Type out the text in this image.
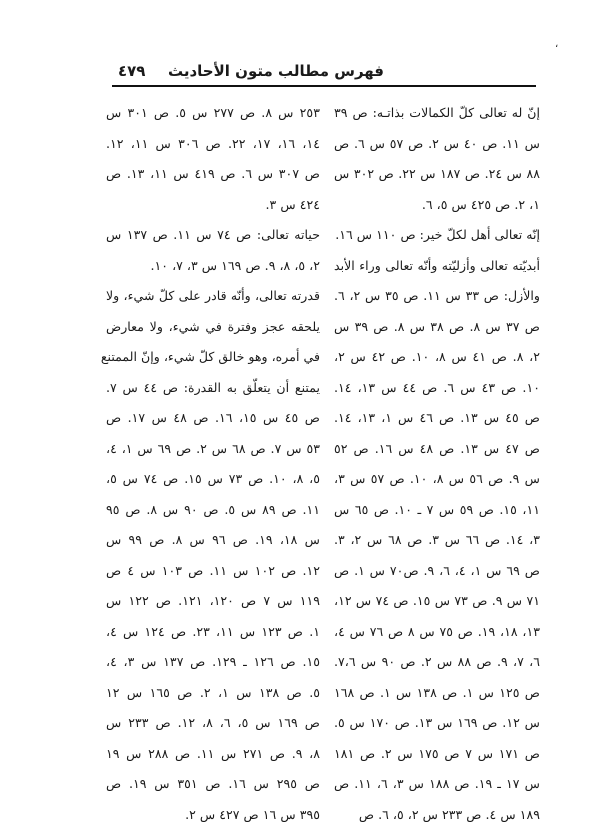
،
فهرس مطالب متون الأحاديث
٤٧٩
إنّ له تعالى كلّ الكمالات بذاتـه: ص ٣٩
س ١١. ص ٤٠ س ٢. ص ٥٧ س ٦. ص
٨٨ س ٢٤. ص ١٨٧ س ٢٢. ص ٣٠٢ س
١، ٢. ص ٤٢٥ س ٥، ٦.
إنّه تعالى أهل لكلّ خير: ص ١١٠ س ١٦.
أبديّته تعالى وأزليّته وأنّه تعالى وراء الأبد
والأزل: ص ٣٣ س ١١. ص ٣٥ س ٢، ٦.
ص ٣٧ س ٨. ص ٣٨ س ٨. ص ٣٩ س
٢، ٨. ص ٤١ س ٨، ١٠. ص ٤٢ س ٢،
١٠. ص ٤٣ س ٦. ص ٤٤ س ١٣، ١٤.
ص ٤٥ س ١٣. ص ٤٦ س ١، ١٣، ١٤.
ص ٤٧ س ١٣. ص ٤٨ س ١٦. ص ٥٢
س ٩. ص ٥٦ س ٨، ١٠. ص ٥٧ س ٣،
١١، ١٥. ص ٥٩ س ٧ ـ ١٠. ص ٦٥ س
٣، ١٤. ص ٦٦ س ٣. ص ٦٨ س ٢، ٣.
ص ٦٩ س ١، ٤، ٦، ٩. ص٧٠ س ١. ص
٧١ س ٩. ص ٧٣ س ١٥. ص ٧٤ س ١٢،
١٣، ١٨، ١٩. ص ٧٥ س ٨ ص ٧٦ س ٤،
٦، ٧، ٩. ص ٨٨ س ٢. ص ٩٠ س ٧،٦.
ص ١٢٥ س ١. ص ١٣٨ س ١. ص ١٦٨
س ١٢. ص ١٦٩ س ١٣. ص ١٧٠ س ٥.
ص ١٧١ س ٧ ص ١٧٥ س ٢. ص ١٨١
س ١٧ ـ ١٩. ص ١٨٨ س ٣، ٦، ١١. ص
١٨٩ س ٤. ص ٢٣٣ س ٢، ٥، ٦. ص
٢٥٣ س ٨. ص ٢٧٧ س ٥. ص ٣٠١ س
١٤، ١٦، ١٧، ٢٢. ص ٣٠٦ س ١١، ١٢.
ص ٣٠٧ س ٦. ص ٤١٩ س ١١، ١٣. ص
٤٢٤ س ٣.
حياته تعالى: ص ٧٤ س ١١. ص ١٣٧ س
٢، ٥، ٨، ٩. ص ١٦٩ س ٣، ٧، ١٠.
قدرته تعالى، وأنّه قادر على كلّ شيء، ولا
يلحقه عجز وفترة في شيء، ولا معارض
في أمره، وهو خالق كلّ شيء، وإنّ الممتنع
يمتنع أن يتعلّق به القدرة: ص ٤٤ س ٧.
ص ٤٥ س ١٥، ١٦. ص ٤٨ س ١٧. ص
٥٣ س ٧. ص ٦٨ س ٢. ص ٦٩ س ١، ٤،
٥، ٨، ١٠. ص ٧٣ س ١٥. ص ٧٤ س ٥،
١١. ص ٨٩ س ٥. ص ٩٠ س ٨. ص ٩٥
س ١٨، ١٩. ص ٩٦ س ٨. ص ٩٩ س
١٢. ص ١٠٢ س ١١. ص ١٠٣ س ٤ ص
١١٩ س ٧ ص ١٢٠، ١٢١. ص ١٢٢ س
١. ص ١٢٣ س ١١، ٢٣. ص ١٢٤ س ٤،
١٥. ص ١٢٦ ـ ١٢٩. ص ١٣٧ س ٣، ٤،
٥. ص ١٣٨ س ١، ٢. ص ١٦٥ س ١٢
ص ١٦٩ س ٥، ٦، ٨، ١٢. ص ٢٣٣ س
٨، ٩. ص ٢٧١ س ١١. ص ٢٨٨ س ١٩
ص ٢٩٥ س ١٦. ص ٣٥١ س ١٩. ص
٣٩٥ س ١٦ ص ٤٢٧ س ٢.
